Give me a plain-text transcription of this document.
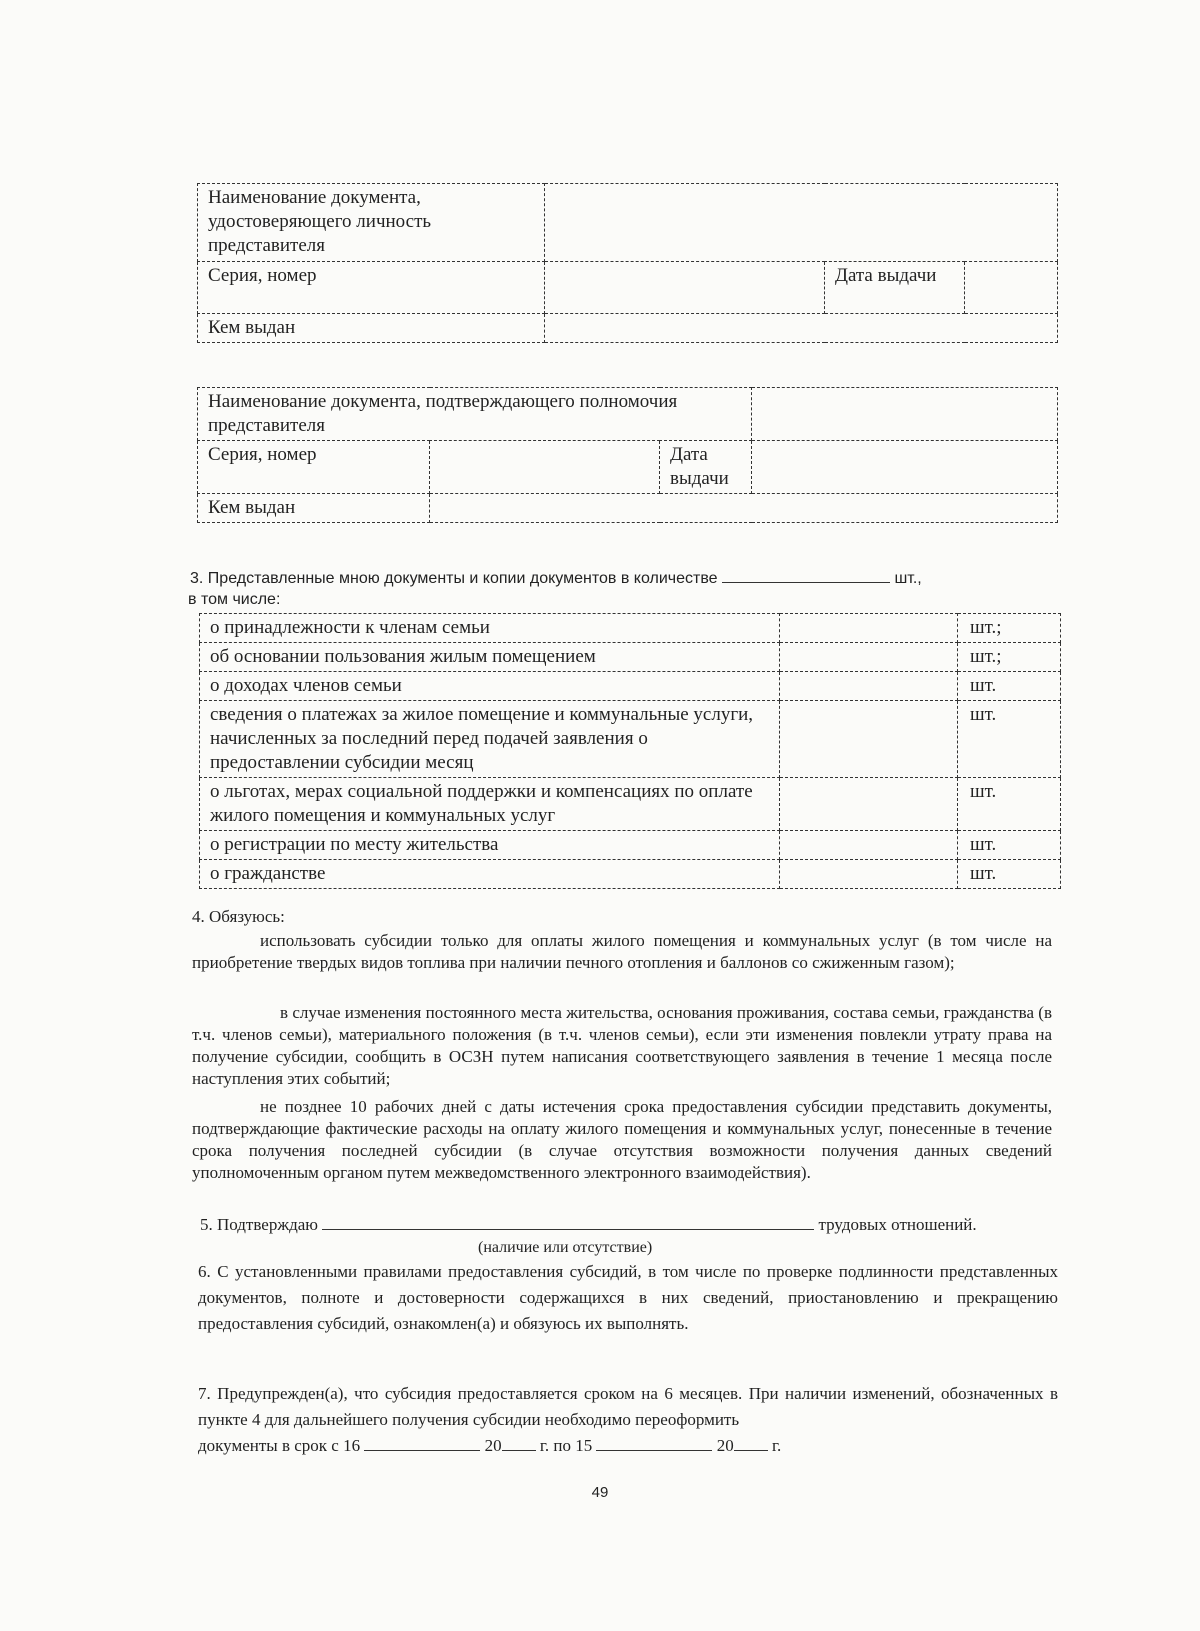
Наименование документа, удостоверяющего личность представителя			
Серия, номер		Дата выдачи	
Кем выдан			
Наименование документа, подтверждающего полномочия представителя			
Серия, номер		Дата выдачи	
Кем выдан			
3. Представленные мною документы и копии документов в количестве	шт.,
в том числе:
о принадлежности к членам семьи		шт.;
об основании пользования жилым помещением		шт.;
о доходах членов семьи		шт.
сведения о платежах за жилое помещение и коммунальные услуги, начисленных за последний перед подачей заявления о предоставлении субсидии месяц		шт.
о льготах, мерах социальной поддержки и компенсациях по оплате жилого помещения и коммунальных услуг		шт.
о регистрации по месту жительства		шт.
о гражданстве		шт.
4. Обязуюсь:

использовать субсидии только для оплаты жилого помещения и коммунальных услуг (в том числе на приобретение твердых видов топлива при наличии печного отопления и баллонов со сжиженным газом);

в случае изменения постоянного места жительства, основания проживания, состава семьи, гражданства (в т.ч. членов семьи), материального положения (в т.ч. членов семьи), если эти изменения повлекли утрату права на получение субсидии, сообщить в ОСЗН путем написания соответствующего заявления в течение 1 месяца после наступления этих событий;

не позднее 10 рабочих дней с даты истечения срока предоставления субсидии представить документы, подтверждающие фактические расходы на оплату жилого помещения и коммунальных услуг, понесенные в течение срока получения последней субсидии (в случае отсутствия возможности получения данных сведений уполномоченным органом путем межведомственного электронного взаимодействия).

5. Подтверждаю	трудовых отношений.
(наличие или отсутствие)

6. С установленными правилами предоставления субсидий, в том числе по проверке подлинности представленных документов, полноте и достоверности содержащихся в них сведений, приостановлению и прекращению предоставления субсидий, ознакомлен(а) и обязуюсь их выполнять.

7. Предупрежден(а), что субсидия предоставляется сроком на 6 месяцев. При наличии изменений, обозначенных в пункте 4 для дальнейшего получения субсидии необходимо переоформить

документы в срок с 16	20 г. по 15	20 г.
49
